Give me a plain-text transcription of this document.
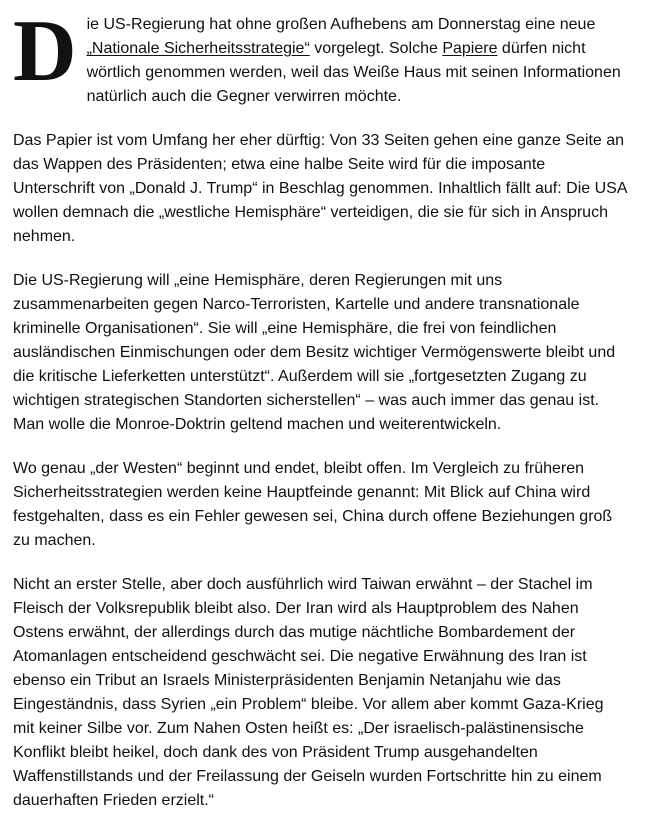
Die US-Regierung hat ohne großen Aufhebens am Donnerstag eine neue „Nationale Sicherheitsstrategie“ vorgelegt. Solche Papiere dürfen nicht wörtlich genommen werden, weil das Weiße Haus mit seinen Informationen natürlich auch die Gegner verwirren möchte.

Das Papier ist vom Umfang her eher dürftig: Von 33 Seiten gehen eine ganze Seite an das Wappen des Präsidenten; etwa eine halbe Seite wird für die imposante Unterschrift von „Donald J. Trump“ in Beschlag genommen. Inhaltlich fällt auf: Die USA wollen demnach die „westliche Hemisphäre“ verteidigen, die sie für sich in Anspruch nehmen.

Die US-Regierung will „eine Hemisphäre, deren Regierungen mit uns zusammenarbeiten gegen Narco-Terroristen, Kartelle und andere transnationale kriminelle Organisationen“. Sie will „eine Hemisphäre, die frei von feindlichen ausländischen Einmischungen oder dem Besitz wichtiger Vermögenswerte bleibt und die kritische Lieferketten unterstützt“. Außerdem will sie „fortgesetzten Zugang zu wichtigen strategischen Standorten sicherstellen“ – was auch immer das genau ist. Man wolle die Monroe-Doktrin geltend machen und weiterentwickeln.

Wo genau „der Westen“ beginnt und endet, bleibt offen. Im Vergleich zu früheren Sicherheitsstrategien werden keine Hauptfeinde genannt: Mit Blick auf China wird festgehalten, dass es ein Fehler gewesen sei, China durch offene Beziehungen groß zu machen.

Nicht an erster Stelle, aber doch ausführlich wird Taiwan erwähnt – der Stachel im Fleisch der Volksrepublik bleibt also. Der Iran wird als Hauptproblem des Nahen Ostens erwähnt, der allerdings durch das mutige nächtliche Bombardement der Atomanlagen entscheidend geschwächt sei. Die negative Erwähnung des Iran ist ebenso ein Tribut an Israels Ministerpräsidenten Benjamin Netanjahu wie das Eingeständnis, dass Syrien „ein Problem“ bleibe. Vor allem aber kommt Gaza-Krieg mit keiner Silbe vor. Zum Nahen Osten heißt es: „Der israelisch-palästinensische Konflikt bleibt heikel, doch dank des von Präsident Trump ausgehandelten Waffenstillstands und der Freilassung der Geiseln wurden Fortschritte hin zu einem dauerhaften Frieden erzielt.“
